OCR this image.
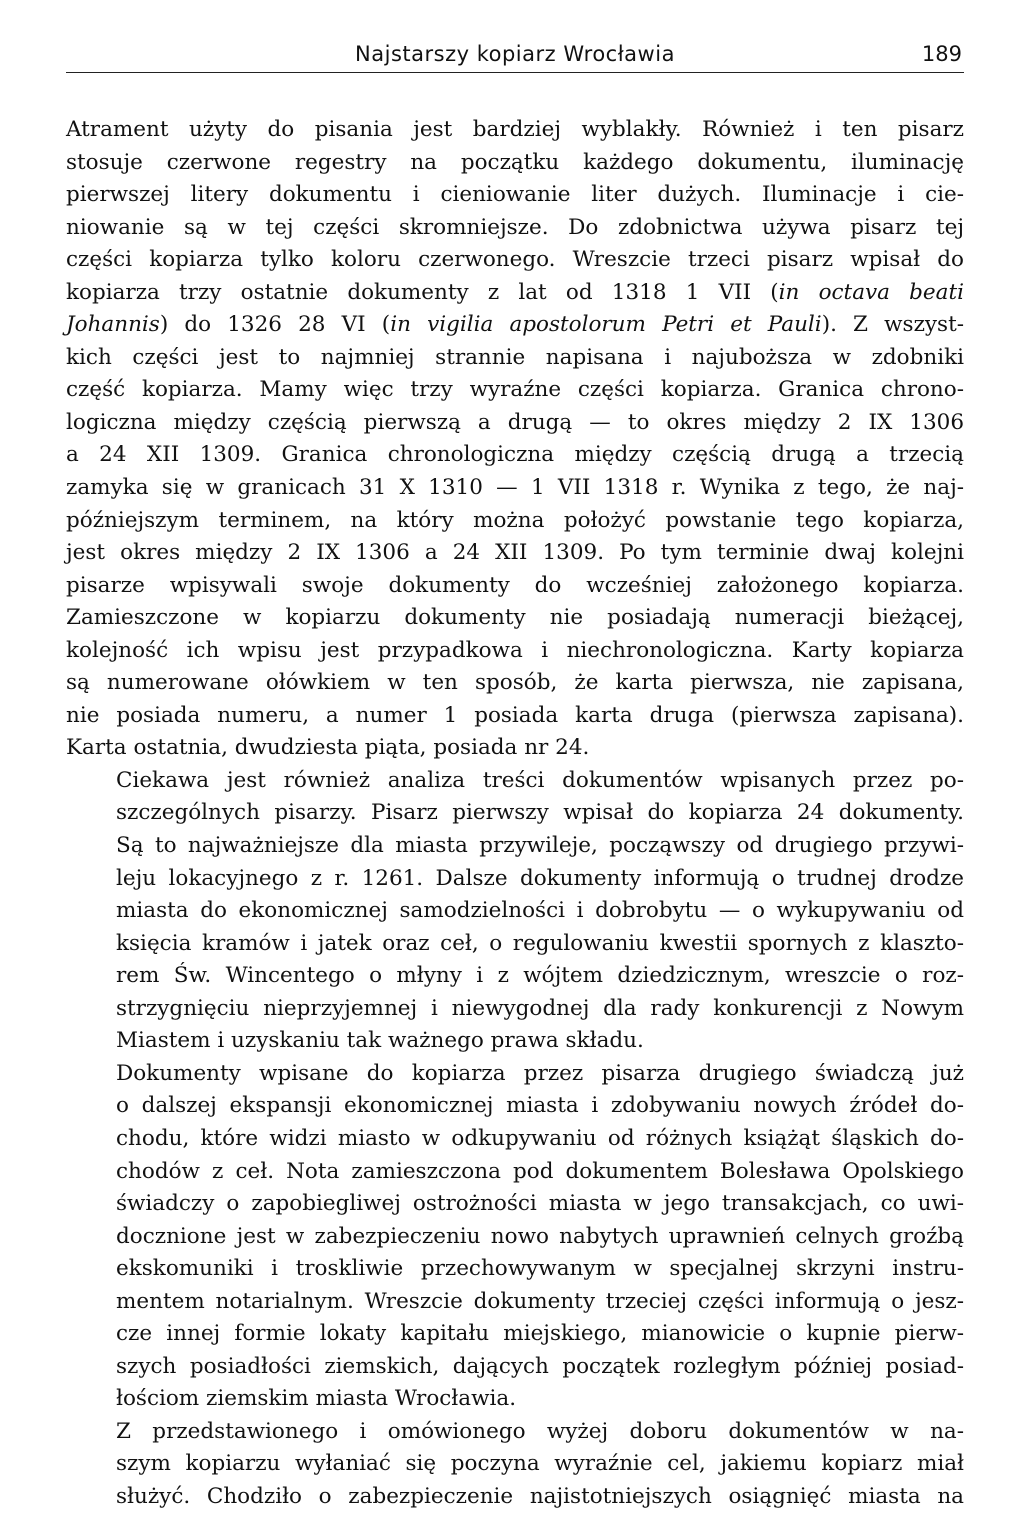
Najstarszy kopiarz Wrocławia	189

Atrament użyty do pisania jest bardziej wyblakły. Również i ten pisarz
stosuje czerwone regestry na początku każdego dokumentu, iluminację
pierwszej litery dokumentu i cieniowanie liter dużych. Iluminacje i cie-
niowanie są w tej części skromniejsze. Do zdobnictwa używa pisarz tej
części kopiarza tylko koloru czerwonego. Wreszcie trzeci pisarz wpisał do
kopiarza trzy ostatnie dokumenty z lat od 1318 1 VII (in octava beati
Johannis) do 1326 28 VI (in vigilia apostolorum Petri et Pauli). Z wszyst-
kich części jest to najmniej strannie napisana i najuboższa w zdobniki
część kopiarza. Mamy więc trzy wyraźne części kopiarza. Granica chrono-
logiczna między częścią pierwszą a drugą — to okres między 2 IX 1306
a 24 XII 1309. Granica chronologiczna między częścią drugą a trzecią
zamyka się w granicach 31 X 1310 — 1 VII 1318 r. Wynika z tego, że naj-
późniejszym terminem, na który można położyć powstanie tego kopiarza,
jest okres między 2 IX 1306 a 24 XII 1309. Po tym terminie dwaj kolejni
pisarze wpisywali swoje dokumenty do wcześniej założonego kopiarza.
Zamieszczone w kopiarzu dokumenty nie posiadają numeracji bieżącej,
kolejność ich wpisu jest przypadkowa i niechronologiczna. Karty kopiarza
są numerowane ołówkiem w ten sposób, że karta pierwsza, nie zapisana,
nie posiada numeru, a numer 1 posiada karta druga (pierwsza zapisana).
Karta ostatnia, dwudziesta piąta, posiada nr 24.

Ciekawa jest również analiza treści dokumentów wpisanych przez po-
szczególnych pisarzy. Pisarz pierwszy wpisał do kopiarza 24 dokumenty.
Są to najważniejsze dla miasta przywileje, począwszy od drugiego przywi-
leju lokacyjnego z r. 1261. Dalsze dokumenty informują o trudnej drodze
miasta do ekonomicznej samodzielności i dobrobytu — o wykupywaniu od
księcia kramów i jatek oraz ceł, o regulowaniu kwestii spornych z klaszto-
rem Św. Wincentego o młyny i z wójtem dziedzicznym, wreszcie o roz-
strzygnięciu nieprzyjemnej i niewygodnej dla rady konkurencji z Nowym
Miastem i uzyskaniu tak ważnego prawa składu.

Dokumenty wpisane do kopiarza przez pisarza drugiego świadczą już
o dalszej ekspansji ekonomicznej miasta i zdobywaniu nowych źródeł do-
chodu, które widzi miasto w odkupywaniu od różnych książąt śląskich do-
chodów z ceł. Nota zamieszczona pod dokumentem Bolesława Opolskiego
świadczy o zapobiegliwej ostrożności miasta w jego transakcjach, co uwi-
docznione jest w zabezpieczeniu nowo nabytych uprawnień celnych groźbą
ekskomuniki i troskliwie przechowywanym w specjalnej skrzyni instru-
mentem notarialnym. Wreszcie dokumenty trzeciej części informują o jesz-
cze innej formie lokaty kapitału miejskiego, mianowicie o kupnie pierw-
szych posiadłości ziemskich, dających początek rozległym później posiad-
łościom ziemskim miasta Wrocławia.

Z przedstawionego i omówionego wyżej doboru dokumentów w na-
szym kopiarzu wyłaniać się poczyna wyraźnie cel, jakiemu kopiarz miał
służyć. Chodziło o zabezpieczenie najistotniejszych osiągnięć miasta na
